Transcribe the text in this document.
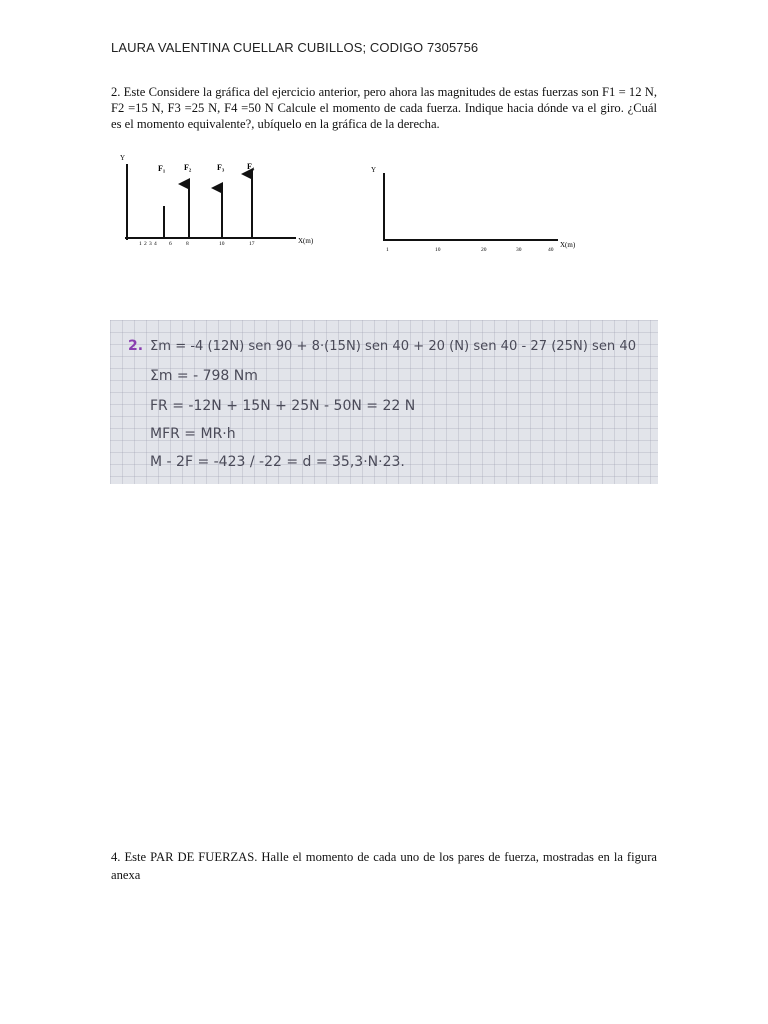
LAURA VALENTINA CUELLAR CUBILLOS; CODIGO 7305756
2. Este Considere la gráfica del ejercicio anterior, pero ahora las magnitudes de estas fuerzas son F1 = 12 N, F2 =15 N, F3 =25 N, F4 =50 N Calcule el momento de cada fuerza. Indique hacia dónde va el giro. ¿Cuál es el momento equivalente?, ubíquelo en la gráfica de la derecha.
Y
X(m)
F₁ F₂	F₃	F₄
1 2 3 4 6	8	10	17
Y
X(m)
1	10	20	30	40
2. Σm = -4 (12N) sen 90 + 8·(15N) sen 40 + 20 (N) sen 40 - 27 (25N) sen 40
Σm = - 798 Nm
FR = -12N + 15N + 25N - 50N = 22 N
MFR = MR·h
M - 2F = -423 / -22 = d = 35,3·N·23.
4. Este PAR DE FUERZAS. Halle el momento de cada uno de los pares de fuerza, mostradas en la figura anexa
